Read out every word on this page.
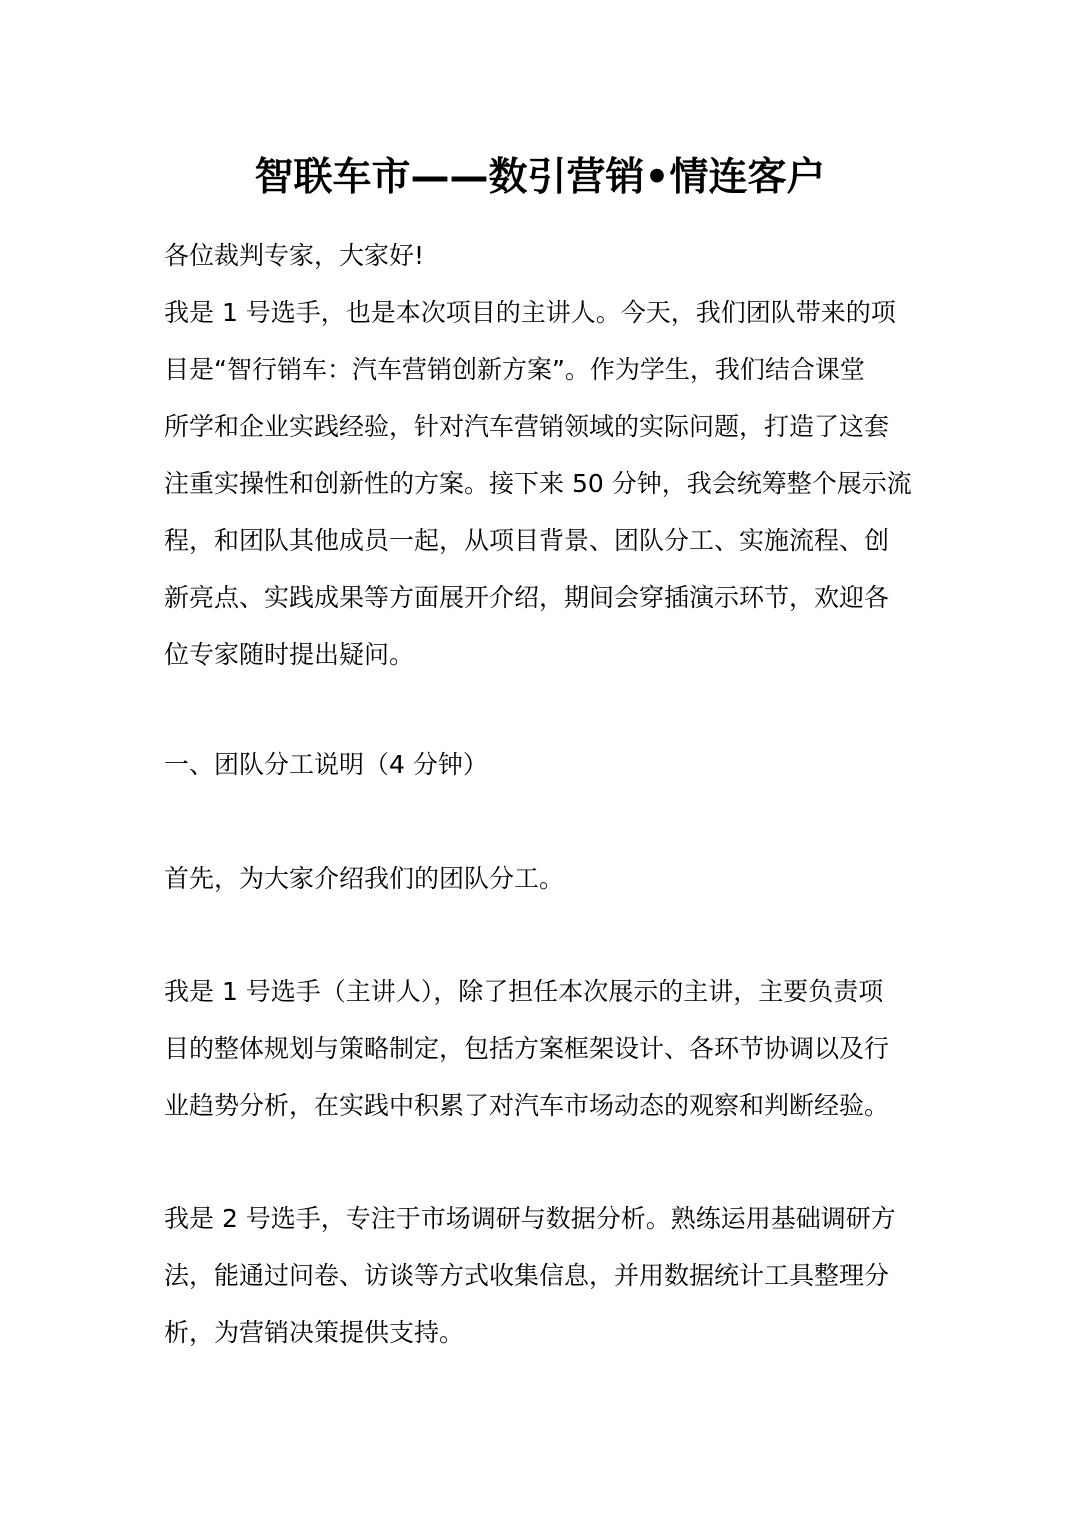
智联车市——数引营销•情连客户
各位裁判专家，大家好!
我是 1 号选手，也是本次项目的主讲人。今天，我们团队带来的项
目是“智行销车：汽车营销创新方案”。作为学生，我们结合课堂
所学和企业实践经验，针对汽车营销领域的实际问题，打造了这套
注重实操性和创新性的方案。接下来 50 分钟，我会统筹整个展示流
程，和团队其他成员一起，从项目背景、团队分工、实施流程、创
新亮点、实践成果等方面展开介绍，期间会穿插演示环节，欢迎各
位专家随时提出疑问。
一、团队分工说明（4 分钟）
首先，为大家介绍我们的团队分工。
我是 1 号选手（主讲人），除了担任本次展示的主讲，主要负责项
目的整体规划与策略制定，包括方案框架设计、各环节协调以及行
业趋势分析，在实践中积累了对汽车市场动态的观察和判断经验。
我是 2 号选手，专注于市场调研与数据分析。熟练运用基础调研方
法，能通过问卷、访谈等方式收集信息，并用数据统计工具整理分
析，为营销决策提供支持。
